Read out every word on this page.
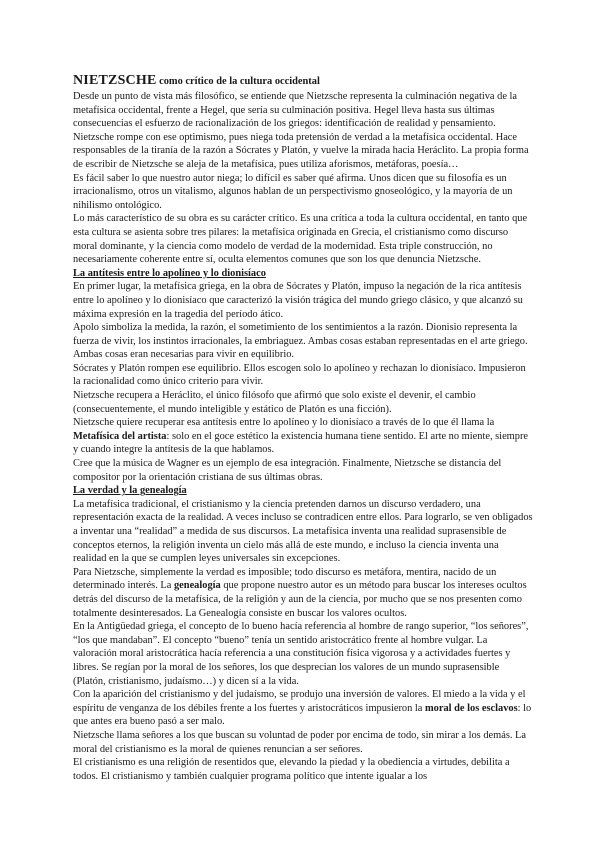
NIETZSCHE como crítico de la cultura occidental

Desde un punto de vista más filosófico, se entiende que Nietzsche representa la culminación negativa de la metafísica occidental, frente a Hegel, que sería su culminación positiva. Hegel lleva hasta sus últimas consecuencias el esfuerzo de racionalización de los griegos: identificación de realidad y pensamiento. Nietzsche rompe con ese optimismo, pues niega toda pretensión de verdad a la metafísica occidental. Hace responsables de la tiranía de la razón a Sócrates y Platón, y vuelve la mirada hacia Heráclito. La propia forma de escribir de Nietzsche se aleja de la metafísica, pues utiliza aforismos, metáforas, poesía…

Es fácil saber lo que nuestro autor niega; lo difícil es saber qué afirma. Unos dicen que su filosofía es un irracionalismo, otros un vitalismo, algunos hablan de un perspectivismo gnoseológico, y la mayoría de un nihilismo ontológico.

Lo más característico de su obra es su carácter crítico. Es una crítica a toda la cultura occidental, en tanto que esta cultura se asienta sobre tres pilares: la metafísica originada en Grecia, el cristianismo como discurso moral dominante, y la ciencia como modelo de verdad de la modernidad. Esta triple construcción, no necesariamente coherente entre sí, oculta elementos comunes que son los que denuncia Nietzsche.

La antítesis entre lo apolíneo y lo dionisíaco

En primer lugar, la metafísica griega, en la obra de Sócrates y Platón, impuso la negación de la rica antítesis entre lo apolíneo y lo dionisíaco que caracterizó la visión trágica del mundo griego clásico, y que alcanzó su máxima expresión en la tragedia del período ático.

Apolo simboliza la medida, la razón, el sometimiento de los sentimientos a la razón. Dionisio representa la fuerza de vivir, los instintos irracionales, la embriaguez. Ambas cosas estaban representadas en el arte griego. Ambas cosas eran necesarias para vivir en equilibrio.

Sócrates y Platón rompen ese equilibrio. Ellos escogen solo lo apolíneo y rechazan lo dionisíaco. Impusieron la racionalidad como único criterio para vivir.

Nietzsche recupera a Heráclito, el único filósofo que afirmó que solo existe el devenir, el cambio (consecuentemente, el mundo inteligible y estático de Platón es una ficción).

Nietzsche quiere recuperar esa antítesis entre lo apolíneo y lo dionisíaco a través de lo que él llama la Metafísica del artista: solo en el goce estético la existencia humana tiene sentido. El arte no miente, siempre y cuando integre la antítesis de la que hablamos.

Cree que la música de Wagner es un ejemplo de esa integración. Finalmente, Nietzsche se distancia del compositor por la orientación cristiana de sus últimas obras.

La verdad y la genealogía

La metafísica tradicional, el cristianismo y la ciencia pretenden darnos un discurso verdadero, una representación exacta de la realidad. A veces incluso se contradicen entre ellos. Para lograrlo, se ven obligados a inventar una “realidad” a medida de sus discursos. La metafísica inventa una realidad suprasensible de conceptos eternos, la religión inventa un cielo más allá de este mundo, e incluso la ciencia inventa una realidad en la que se cumplen leyes universales sin excepciones.

Para Nietzsche, simplemente la verdad es imposible; todo discurso es metáfora, mentira, nacido de un determinado interés. La genealogía que propone nuestro autor es un método para buscar los intereses ocultos detrás del discurso de la metafísica, de la religión y aun de la ciencia, por mucho que se nos presenten como totalmente desinteresados. La Genealogía consiste en buscar los valores ocultos.

En la Antigüedad griega, el concepto de lo bueno hacía referencia al hombre de rango superior, “los señores”, “los que mandaban”. El concepto “bueno” tenía un sentido aristocrático frente al hombre vulgar. La valoración moral aristocrática hacía referencia a una constitución física vigorosa y a actividades fuertes y libres. Se regían por la moral de los señores, los que desprecian los valores de un mundo suprasensible (Platón, cristianismo, judaísmo…) y dicen sí a la vida.

Con la aparición del cristianismo y del judaísmo, se produjo una inversión de valores. El miedo a la vida y el espíritu de venganza de los débiles frente a los fuertes y aristocráticos impusieron la moral de los esclavos: lo que antes era bueno pasó a ser malo.

Nietzsche llama señores a los que buscan su voluntad de poder por encima de todo, sin mirar a los demás. La moral del cristianismo es la moral de quienes renuncian a ser señores.

El cristianismo es una religión de resentidos que, elevando la piedad y la obediencia a virtudes, debilita a todos. El cristianismo y también cualquier programa político que intente igualar a los
